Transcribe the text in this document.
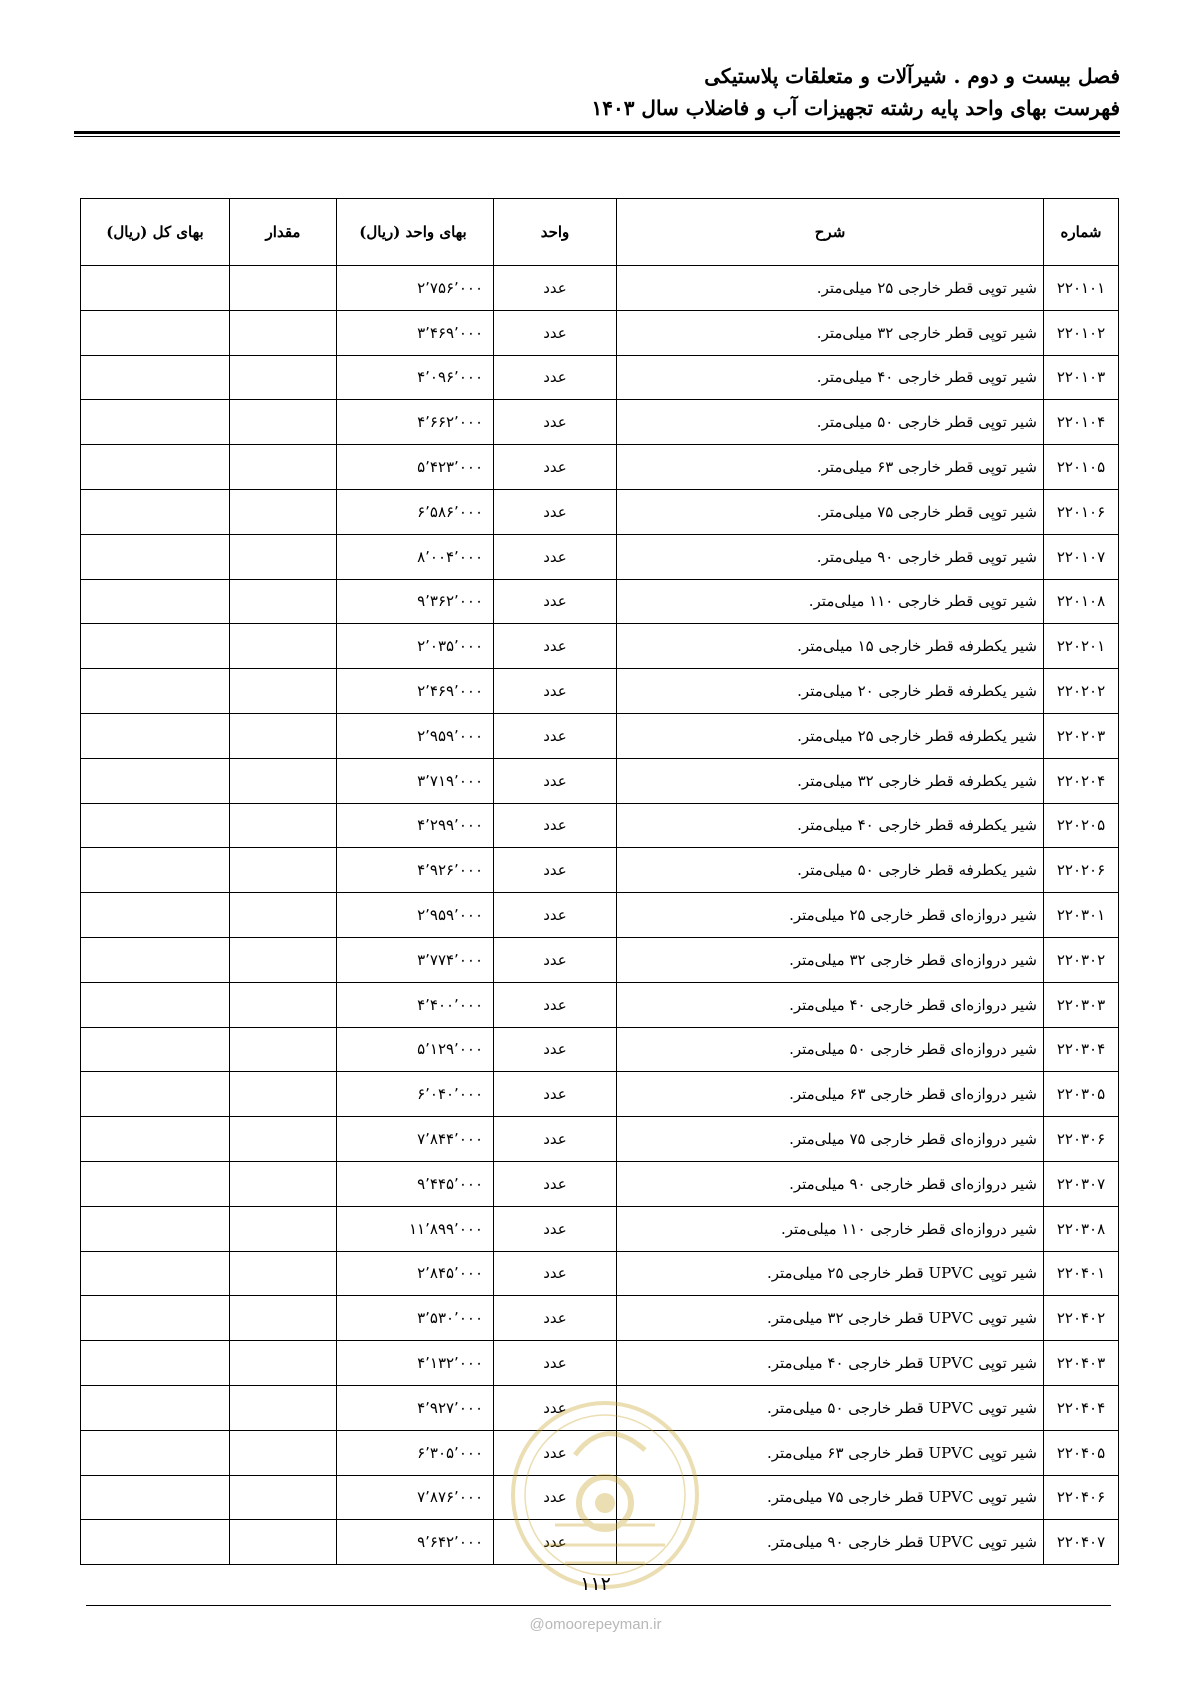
فصل بیست و دوم . شیرآلات و متعلقات پلاستیکی
فهرست بهای واحد پایه رشته تجهیزات آب و فاضلاب سال ۱۴۰۳
شماره	شرح	واحد	بهای واحد (ریال)	مقدار	بهای کل (ریال)
۲۲۰۱۰۱	شیر توپی قطر خارجی ۲۵ میلی‌متر.	عدد	۲٬۷۵۶٬۰۰۰		
۲۲۰۱۰۲	شیر توپی قطر خارجی ۳۲ میلی‌متر.	عدد	۳٬۴۶۹٬۰۰۰		
۲۲۰۱۰۳	شیر توپی قطر خارجی ۴۰ میلی‌متر.	عدد	۴٬۰۹۶٬۰۰۰		
۲۲۰۱۰۴	شیر توپی قطر خارجی ۵۰ میلی‌متر.	عدد	۴٬۶۶۲٬۰۰۰		
۲۲۰۱۰۵	شیر توپی قطر خارجی ۶۳ میلی‌متر.	عدد	۵٬۴۲۳٬۰۰۰		
۲۲۰۱۰۶	شیر توپی قطر خارجی ۷۵ میلی‌متر.	عدد	۶٬۵۸۶٬۰۰۰		
۲۲۰۱۰۷	شیر توپی قطر خارجی ۹۰ میلی‌متر.	عدد	۸٬۰۰۴٬۰۰۰		
۲۲۰۱۰۸	شیر توپی قطر خارجی ۱۱۰ میلی‌متر.	عدد	۹٬۳۶۲٬۰۰۰		
۲۲۰۲۰۱	شیر یکطرفه قطر خارجی ۱۵ میلی‌متر.	عدد	۲٬۰۳۵٬۰۰۰		
۲۲۰۲۰۲	شیر یکطرفه قطر خارجی ۲۰ میلی‌متر.	عدد	۲٬۴۶۹٬۰۰۰		
۲۲۰۲۰۳	شیر یکطرفه قطر خارجی ۲۵ میلی‌متر.	عدد	۲٬۹۵۹٬۰۰۰		
۲۲۰۲۰۴	شیر یکطرفه قطر خارجی ۳۲ میلی‌متر.	عدد	۳٬۷۱۹٬۰۰۰		
۲۲۰۲۰۵	شیر یکطرفه قطر خارجی ۴۰ میلی‌متر.	عدد	۴٬۲۹۹٬۰۰۰		
۲۲۰۲۰۶	شیر یکطرفه قطر خارجی ۵۰ میلی‌متر.	عدد	۴٬۹۲۶٬۰۰۰		
۲۲۰۳۰۱	شیر دروازه‌ای قطر خارجی ۲۵ میلی‌متر.	عدد	۲٬۹۵۹٬۰۰۰		
۲۲۰۳۰۲	شیر دروازه‌ای قطر خارجی ۳۲ میلی‌متر.	عدد	۳٬۷۷۴٬۰۰۰		
۲۲۰۳۰۳	شیر دروازه‌ای قطر خارجی ۴۰ میلی‌متر.	عدد	۴٬۴۰۰٬۰۰۰		
۲۲۰۳۰۴	شیر دروازه‌ای قطر خارجی ۵۰ میلی‌متر.	عدد	۵٬۱۲۹٬۰۰۰		
۲۲۰۳۰۵	شیر دروازه‌ای قطر خارجی ۶۳ میلی‌متر.	عدد	۶٬۰۴۰٬۰۰۰		
۲۲۰۳۰۶	شیر دروازه‌ای قطر خارجی ۷۵ میلی‌متر.	عدد	۷٬۸۴۴٬۰۰۰		
۲۲۰۳۰۷	شیر دروازه‌ای قطر خارجی ۹۰ میلی‌متر.	عدد	۹٬۴۴۵٬۰۰۰		
۲۲۰۳۰۸	شیر دروازه‌ای قطر خارجی ۱۱۰ میلی‌متر.	عدد	۱۱٬۸۹۹٬۰۰۰		
۲۲۰۴۰۱	شیر توپی UPVC قطر خارجی ۲۵ میلی‌متر.	عدد	۲٬۸۴۵٬۰۰۰		
۲۲۰۴۰۲	شیر توپی UPVC قطر خارجی ۳۲ میلی‌متر.	عدد	۳٬۵۳۰٬۰۰۰		
۲۲۰۴۰۳	شیر توپی UPVC قطر خارجی ۴۰ میلی‌متر.	عدد	۴٬۱۳۲٬۰۰۰		
۲۲۰۴۰۴	شیر توپی UPVC قطر خارجی ۵۰ میلی‌متر.	عدد	۴٬۹۲۷٬۰۰۰		
۲۲۰۴۰۵	شیر توپی UPVC قطر خارجی ۶۳ میلی‌متر.	عدد	۶٬۳۰۵٬۰۰۰		
۲۲۰۴۰۶	شیر توپی UPVC قطر خارجی ۷۵ میلی‌متر.	عدد	۷٬۸۷۶٬۰۰۰		
۲۲۰۴۰۷	شیر توپی UPVC قطر خارجی ۹۰ میلی‌متر.	عدد	۹٬۶۴۲٬۰۰۰		
۱۱۲
@omoorepeyman.ir
